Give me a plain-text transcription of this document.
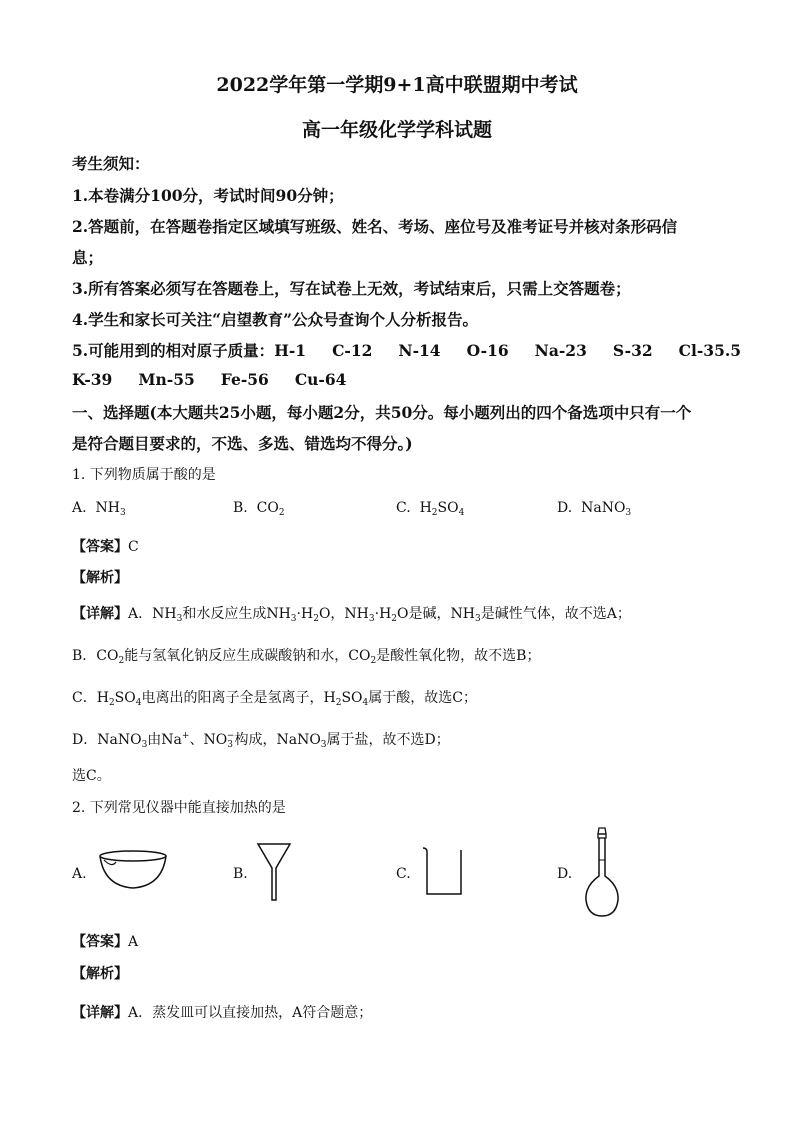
2022学年第一学期9+1高中联盟期中考试
高一年级化学学科试题
考生须知：
1.本卷满分100分，考试时间90分钟；
2.答题前，在答题卷指定区域填写班级、姓名、考场、座位号及准考证号并核对条形码信
息；
3.所有答案必须写在答题卷上，写在试卷上无效，考试结束后，只需上交答题卷；
4.学生和家长可关注“启望教育”公众号查询个人分析报告。
5.可能用到的相对原子质量：H-1 C-12 N-14 O-16 Na-23 S-32 Cl-35.5
K-39 Mn-55 Fe-56 Cu-64
一、选择题(本大题共25小题，每小题2分，共50分。每小题列出的四个备选项中只有一个
是符合题目要求的，不选、多选、错选均不得分。)
1. 下列物质属于酸的是
A. $NH_3$	B. $CO_2$	C. $H_2SO_4$	D. NaNO$_3$
【答案】C
【解析】
【详解】A．$NH_3$和水反应生成$NH_3\cdot H_2O$，$NH_3\cdot H_2O$是碱，$NH_3$是碱性气体，故不选A；
B．$CO_2$能与氢氧化钠反应生成碳酸钠和水，$CO_2$是酸性氧化物，故不选B；
C．$H_2SO_4$电离出的阳离子全是氢离子，$H_2SO_4$属于酸，故选C；
D．NaNO$_3$由Na+、$NO_3^-$构成，NaNO$_3$属于盐，故不选D；
选C。
2. 下列常见仪器中能直接加热的是
A.	B.	C.	D.
【答案】A
【解析】
【详解】A．蒸发皿可以直接加热，A符合题意；
